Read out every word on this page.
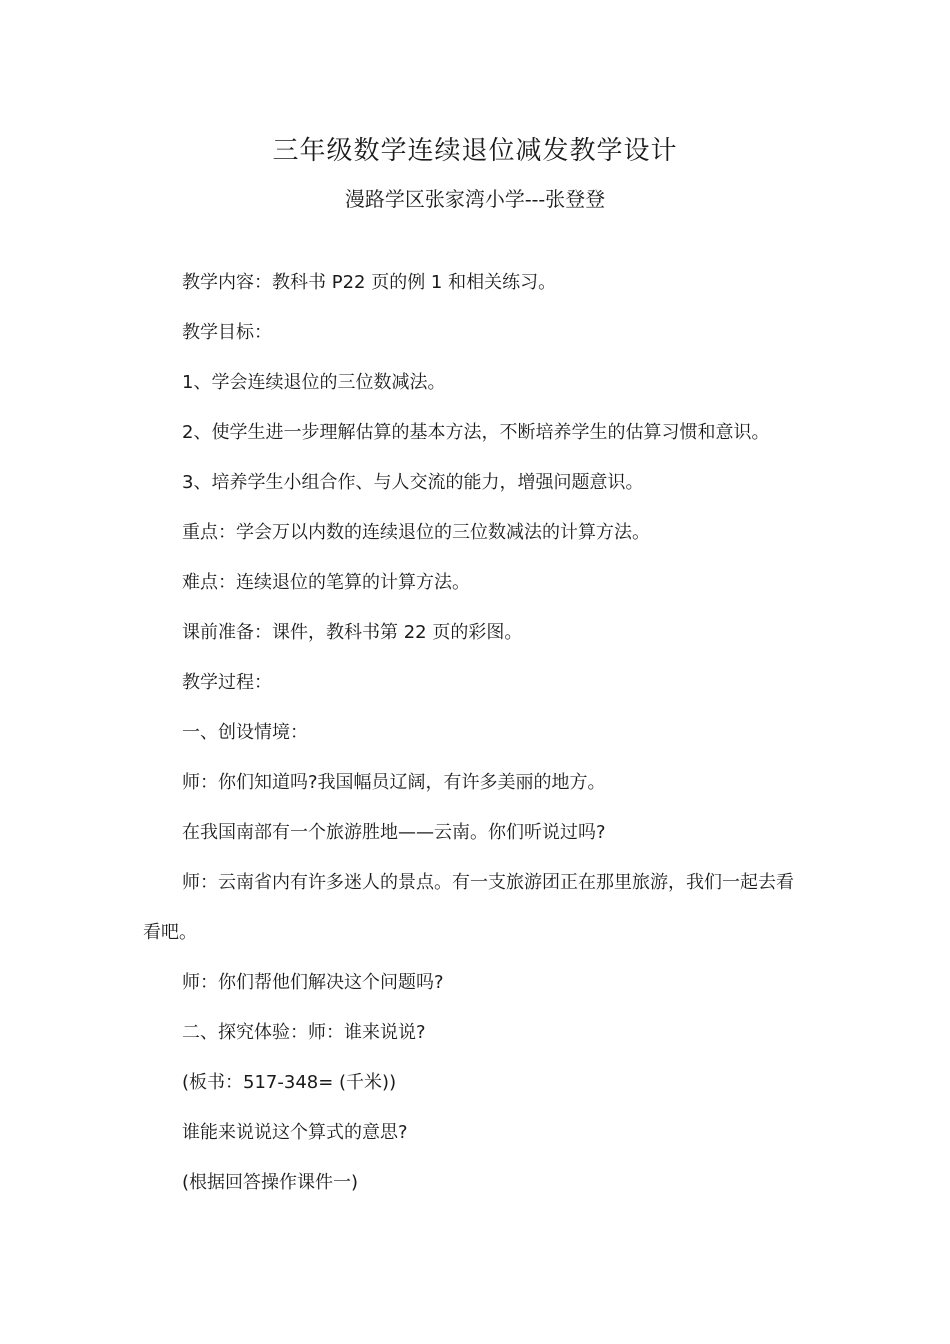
三年级数学连续退位减发教学设计
漫路学区张家湾小学---张登登

教学内容：教科书 P22 页的例 1 和相关练习。

教学目标：

1、学会连续退位的三位数减法。

2、使学生进一步理解估算的基本方法，不断培养学生的估算习惯和意识。

3、培养学生小组合作、与人交流的能力，增强问题意识。

重点：学会万以内数的连续退位的三位数减法的计算方法。

难点：连续退位的笔算的计算方法。

课前准备：课件，教科书第 22 页的彩图。

教学过程：

一、创设情境：

师：你们知道吗?我国幅员辽阔，有许多美丽的地方。

在我国南部有一个旅游胜地——云南。你们听说过吗?

师：云南省内有许多迷人的景点。有一支旅游团正在那里旅游，我们一起去看看吧。

师：你们帮他们解决这个问题吗?

二、探究体验：师：谁来说说?

(板书：517-348= (千米))

谁能来说说这个算式的意思?

(根据回答操作课件一)
